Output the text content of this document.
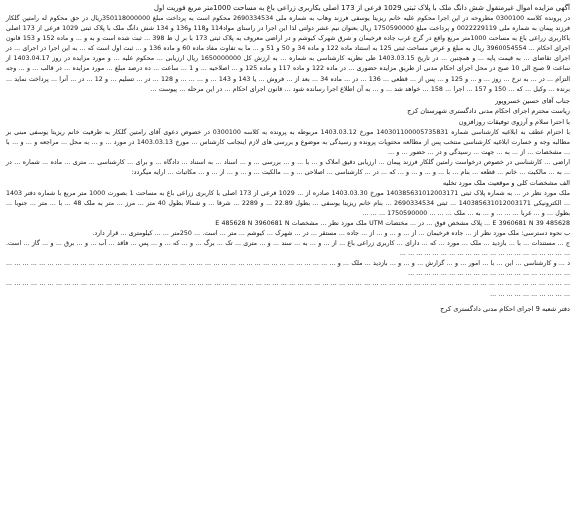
آگهی مزایده اموال غیرمنقول شش دانگ ملک با پلاک ثبتی 1029 فرعی از 173 اصلی بکاربری زراعی باغ به مساحت 1000متر مربع فوریت اول

در پرونده کلاسه 0300100 مطروحه در این اجرا محکوم علیه خانم ریزیتا یوسفی فرزند وهاب به شماره ملی 2690334534 محکوم است به پرداخت مبلغ 350118000000ریال در حق محکوم له رامتین گلکار فرزند پیمان به شماره ملی 0022229119 و پرداخت مبلغ 1750590000 ریال بعنوان نیم عشر دولتی لذا این اجرا در راستای مواد114 و118 و136 و 134 شش دانگ ملک با پلاک ثبتی 1029 فرعی از 173 اصلی باکاربری زراعی باغ به مساحت 1000متر مربع واقع در گرج غرب جاده فرخیمان و شرق شهرک کیوشم و در اراضی معروف به پلاک ثبتی 173 با بر ل ظ 398 ... ثبت شده است و به و ... و ماده 152 و 153 قانون اجرای احکام ... 3960054554 ریال به مبلغ و عرض مساحت ثبتی 125 به استناد ماده 122 و ماده 34 و 50 و 51 و ... ما به تفاوت مفاد ماده 60 و ماده 136 و ... ثبت اول است که ... به این اجرا در اجرای ... در اجرای تقاضای ... به قیمت پایه ... و همچنین ... در تاریخ 1403.03.15 طی نظریه کارشناسی به شماره ... به ارزش کل 1650000000 ریال ارزیابی ... محکوم علیه ... و مورد مزایده در روز 1403.04.17 از ساعت 9 صبح الی 10 صبح در محل اجرای احکام مدنی از طریق مزایده حضوری ... در ماده 122 و ماده 117 و ماده 125 و ... اصلاحیه ... و 1 ... ساعت ... ده درصد مبلغ ... مورد مزایده ... در قالب ... و ... وجه التزام ... در ... به نرخ ... روز ... و ... و 125 و ... پس از ... قطعی ... 136 ... در ... ماده 34 ... بعد از ... فروش ... یا 143 و 143 ... و ... ... ... و 128 ... در ... تسلیم ... و 12 ... در ... آنرا ... پرداخت نماید ... برنده ... وکیل ... که ... 150 و 157 ... اجرا ... 158 ... خواهد شد ... و ... به آن اطلاع اجرا رسانده شود ... قانون اجرای احکام ... در این مرحله ... پیوست ...

جناب آقای حسین خسروپور

ریاست محترم اجرای احکام مدنی دادگستری شهرستان کرج

با احترا سلام و آرزوی توفیقات روزافزون

با احترام عطف به ابلاغیه کارشناسی شماره 140301100005735831 مورخ 1403.03.12 مربوطه به پرونده به کلاسه 0300100 در خصوص دعوی آقای رامتین گلکار به طرفیت خانم ریزیتا یوسفی مبنی بر مطالبه وجه و خسارت ابلاغیه کارشناسی منتخب پس از مطالعه محتویات پرونده و رسیدگی به موضوع و بررسی های لازم اینجانب کارشناس ... مورخ 1403.03.13 در مورد ... و ... به محل ... مراجعه و ... و ... با ... مشخصات ... از ... به ... جهت ... رسیدگی و در ... حضور ... و ...

اراضی ... کارشناسی در خصوص درخواست رامتین گلکار فرزند پیمان ... ارزیابی دقیق املاک و ... با ... و ... بررسی ... و ... اسناد ... به استناد ... دادگاه ... و برای ... کارشناسی ... متری ... ماده ... شماره ... در ... به ... مالکیت ... خانم ... قطعه ... بنام ... با ... و ... و ... و ... که ... در ... کارشناسی ... اصلاحی ... و ... مالکیت ... و ... و ... از ... و ... مکاتبات ... ارایه میگردد:

الف مشخصات کلی و موقعیت ملک مورد تخلیه

ملک مورد نظر در ... به شماره پلاک ثبتی 140385631012003171 مورخ 1403.03.30 صادره از ... 1029 فرعی از 173 اصلی با کاربری زراعی باغ به مساحت 1 بصورت 1000 متر مربع با شماره دفتر 1403 ... الکترونیکی 140385631012003171 ... ثبتی 2690334534 ... بنام خانم ریزیتا یوسفی ... بطول 22.89 ... و 2289 ... شرقا ... و شمالا بطول 40 متر ... مرز ... متر به ملک 48 ... با ... متر ... جنوبا ... بطول ... و ... غربا ... ... ... و ... به ... ملک ... ... ... 1750590000 ... ... ...

485628 E 3960681 N 39 ... پلاک مشخص فوق ... در ... مختصات UTM ملک مورد نظر ... مشخصات E 485628 N 3960681 N

ب نحوه دسترسی: ملک مورد نظر از ... جاده فرخیمان ... از ... و ... و ... از ... جاده ... مستقر ... در ... شهرک ... کیوشم ... متر ... است. ... 250متر ... ... کیلومتری ... قرار دارد.

ج ... مستندات ... با ... بازدید ... ملک ... مورد ... که ... دارای ... کاربری زراعی باغ ... از ... و ... به ... سند ... و ... متری ... تک ... برگ ... و ... که ... و ... پس ... فاقد ... آب ... و ... برق ... و ... گاز ... است. ... ... ... ... ... ... ... ... ... ... ... ... ... ... ... ... ... ... ... ... ...

د ... و کارشناسی ... این ... با ... امور ... و ... گزارش ... و ... و ... بازدید ... ملک ... و ... ... ... ... ... ... ... ... ... ... ... ... ... ... ... ... ... ... ... ... ... ... ... ... ... ... ... ... ... ... ... ... ... ... ... ... ... ... ... ... ... ... ... ... ... ... ... ... ... ... ... ... ... ... ... ... ... ... ... ...

... ... ... ... ... ... ... ... ... ... ... ... ... ... ... ... ... ... ... ... ... ... ... ... ... ... ... ... ... ... ... ... ... ... ... ... ... ... ... ... ... ... ... ... ... ... ... ... ... ... ... ... ... ... ... ... ... ... ... ... ... ... ... ... ... ... ... ... ... ... ... ... ... ... ... ... ... ...

دفتر شعبه 9 اجرای احکام مدنی دادگستری کرج
